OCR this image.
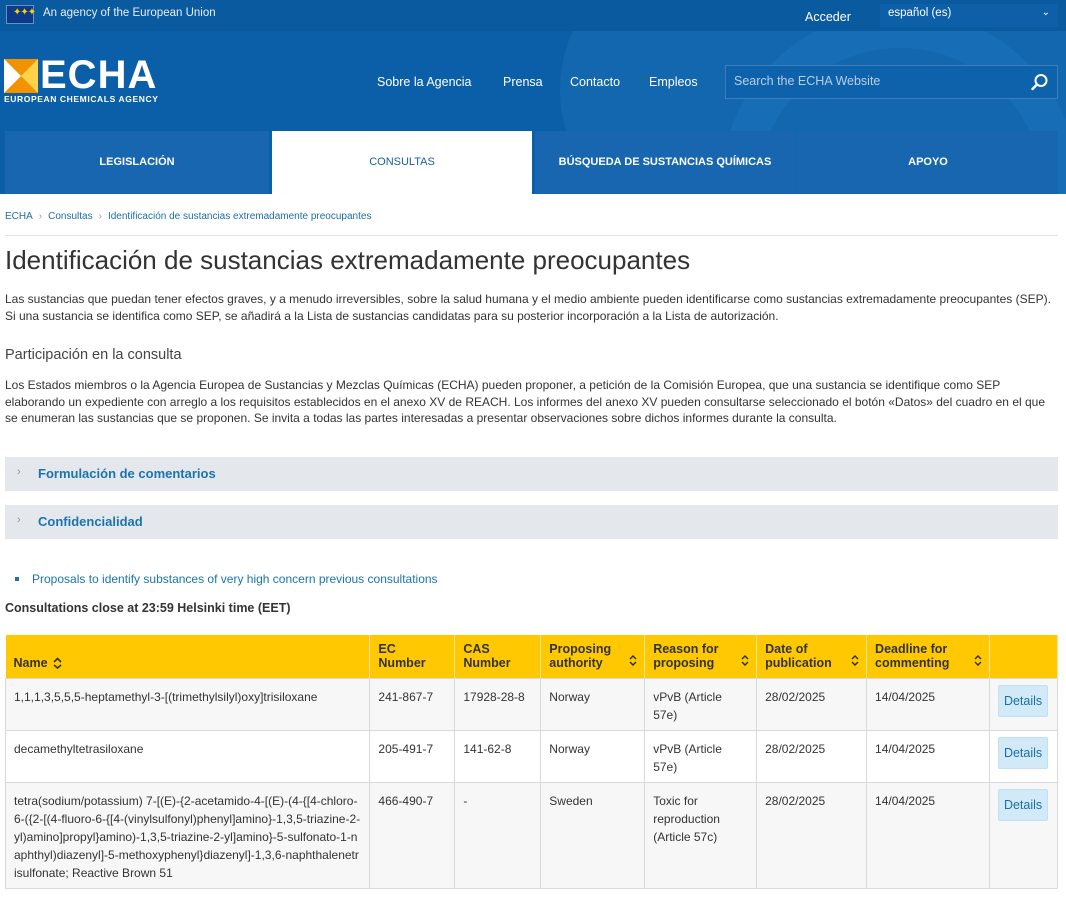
✦✦✦ An agency of the European Union	Acceder	español (es)	⌄
ECHA
EUROPEAN CHEMICALS AGENCY
Sobre la Agencia	Prensa Contacto Empleos
Search the ECHA Website
LEGISLACIÓN	CONSULTAS	BÚSQUEDA DE SUSTANCIAS QUÍMICAS	APOYO
ECHA › Consultas › Identificación de sustancias extremadamente preocupantes
Identificación de sustancias extremadamente preocupantes

Las sustancias que puedan tener efectos graves, y a menudo irreversibles, sobre la salud humana y el medio ambiente pueden identificarse como sustancias extremadamente preocupantes (SEP). Si una sustancia se identifica como SEP, se añadirá a la Lista de sustancias candidatas para su posterior incorporación a la Lista de autorización.

Participación en la consulta

Los Estados miembros o la Agencia Europea de Sustancias y Mezclas Químicas (ECHA) pueden proponer, a petición de la Comisión Europea, que una sustancia se identifique como SEP elaborando un expediente con arreglo a los requisitos establecidos en el anexo XV de REACH. Los informes del anexo XV pueden consultarse seleccionado el botón «Datos» del cuadro en el que se enumeran las sustancias que se proponen. Se invita a todas las partes interesadas a presentar observaciones sobre dichos informes durante la consulta.

› Formulación de comentarios
› Confidencialidad
Proposals to identify substances of very high concern previous consultations
Consultations close at 23:59 Helsinki time (EET)
Name	EC Number	CAS Number	Proposing authority	Reason for proposing	Date of publication	Deadline for commenting

1,1,1,3,5,5,5-heptamethyl-3-[(trimethylsilyl)oxy]trisiloxane	241-867-7	17928-28-8	Norway	vPvB (Article 57e)	28/02/2025	14/04/2025	Details
decamethyltetrasiloxane	205-491-7	141-62-8	Norway	vPvB (Article 57e)	28/02/2025	14/04/2025	Details
tetra(sodium/potassium) 7-[(E)-{2-acetamido-4-[(E)-(4-{[4-chloro-6-({2-[(4-fluoro-6-{[4-(vinylsulfonyl)phenyl]amino}-1,3,5-triazine-2-yl)amino]propyl}amino)-1,3,5-triazine-2-yl]amino}-5-sulfonato-1-naphthyl)diazenyl]-5-methoxyphenyl}diazenyl]-1,3,6-naphthalenetrisulfonate; Reactive Brown 51	466-490-7	-	Sweden	Toxic for reproduction (Article 57c)	28/02/2025	14/04/2025	Details
